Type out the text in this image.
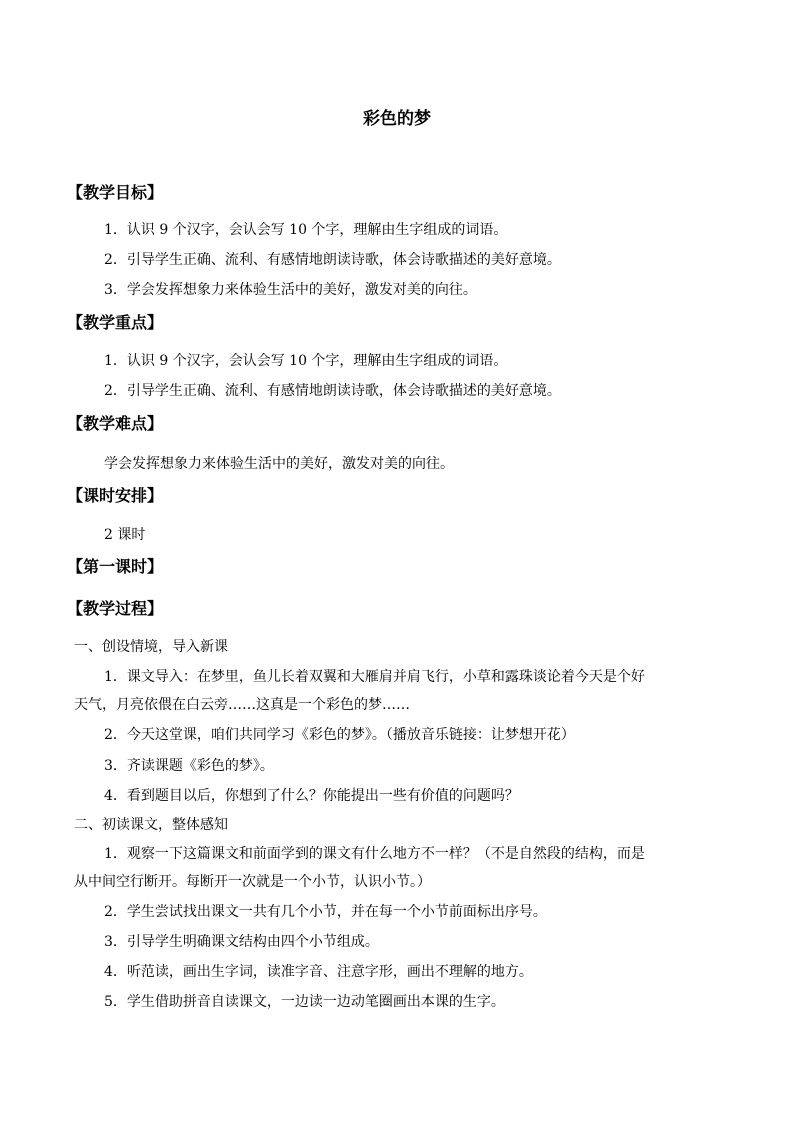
彩色的梦
【教学目标】
1．认识 9 个汉字，会认会写 10 个字，理解由生字组成的词语。
2．引导学生正确、流利、有感情地朗读诗歌，体会诗歌描述的美好意境。
3．学会发挥想象力来体验生活中的美好，激发对美的向往。
【教学重点】
1．认识 9 个汉字，会认会写 10 个字，理解由生字组成的词语。
2．引导学生正确、流利、有感情地朗读诗歌，体会诗歌描述的美好意境。
【教学难点】
学会发挥想象力来体验生活中的美好，激发对美的向往。
【课时安排】
2 课时
【第一课时】
【教学过程】
一、创设情境，导入新课
1．课文导入：在梦里，鱼儿长着双翼和大雁肩并肩飞行，小草和露珠谈论着今天是个好
天气，月亮依偎在白云旁……这真是一个彩色的梦……
2．今天这堂课，咱们共同学习《彩色的梦》。（播放音乐链接：让梦想开花）
3．齐读课题《彩色的梦》。
4．看到题目以后，你想到了什么？你能提出一些有价值的问题吗？
二、初读课文，整体感知
1．观察一下这篇课文和前面学到的课文有什么地方不一样？（不是自然段的结构，而是
从中间空行断开。每断开一次就是一个小节，认识小节。）
2．学生尝试找出课文一共有几个小节，并在每一个小节前面标出序号。
3．引导学生明确课文结构由四个小节组成。
4．听范读，画出生字词，读准字音、注意字形，画出不理解的地方。
5．学生借助拼音自读课文，一边读一边动笔圈画出本课的生字。
